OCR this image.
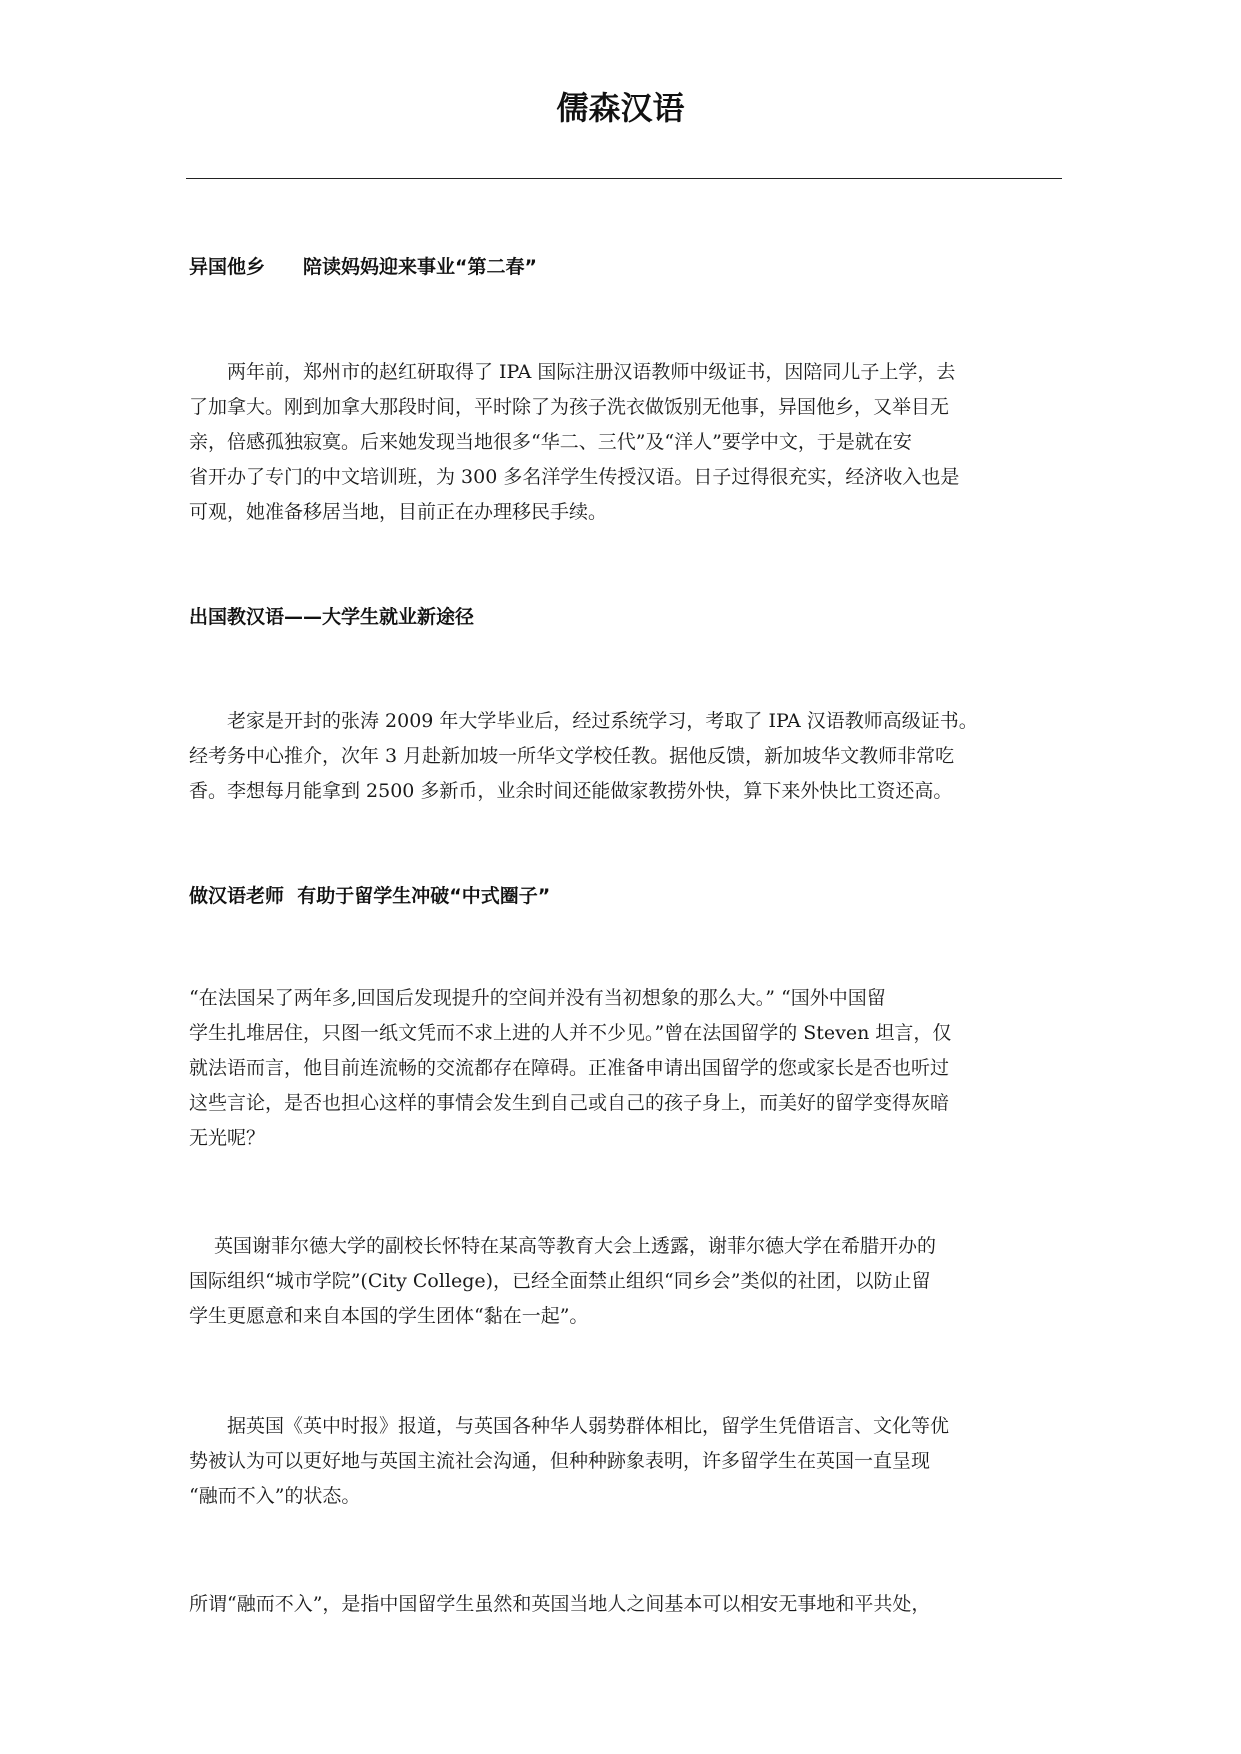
儒森汉语
异国他乡　　陪读妈妈迎来事业“第二春”
　　两年前，郑州市的赵红研取得了 IPA 国际注册汉语教师中级证书，因陪同儿子上学，去
了加拿大。刚到加拿大那段时间，平时除了为孩子洗衣做饭别无他事，异国他乡，又举目无
亲，倍感孤独寂寞。后来她发现当地很多“华二、三代”及“洋人”要学中文，于是就在安
省开办了专门的中文培训班，为 300 多名洋学生传授汉语。日子过得很充实，经济收入也是
可观，她准备移居当地，目前正在办理移民手续。
出国教汉语——大学生就业新途径
　　老家是开封的张涛 2009 年大学毕业后，经过系统学习，考取了 IPA 汉语教师高级证书。
经考务中心推介，次年 3 月赴新加坡一所华文学校任教。据他反馈，新加坡华文教师非常吃
香。李想每月能拿到 2500 多新币，业余时间还能做家教捞外快，算下来外快比工资还高。
做汉语老师  有助于留学生冲破“中式圈子”
“在法国呆了两年多,回国后发现提升的空间并没有当初想象的那么大。” “国外中国留
学生扎堆居住，只图一纸文凭而不求上进的人并不少见。”曾在法国留学的 Steven 坦言，仅
就法语而言，他目前连流畅的交流都存在障碍。正准备申请出国留学的您或家长是否也听过
这些言论，是否也担心这样的事情会发生到自己或自己的孩子身上，而美好的留学变得灰暗
无光呢？
　 英国谢菲尔德大学的副校长怀特在某高等教育大会上透露，谢菲尔德大学在希腊开办的
国际组织“城市学院”(City College)，已经全面禁止组织“同乡会”类似的社团，以防止留
学生更愿意和来自本国的学生团体“黏在一起”。
　　据英国《英中时报》报道，与英国各种华人弱势群体相比，留学生凭借语言、文化等优
势被认为可以更好地与英国主流社会沟通，但种种跡象表明，许多留学生在英国一直呈现
“融而不入”的状态。
所谓“融而不入”，是指中国留学生虽然和英国当地人之间基本可以相安无事地和平共处，
